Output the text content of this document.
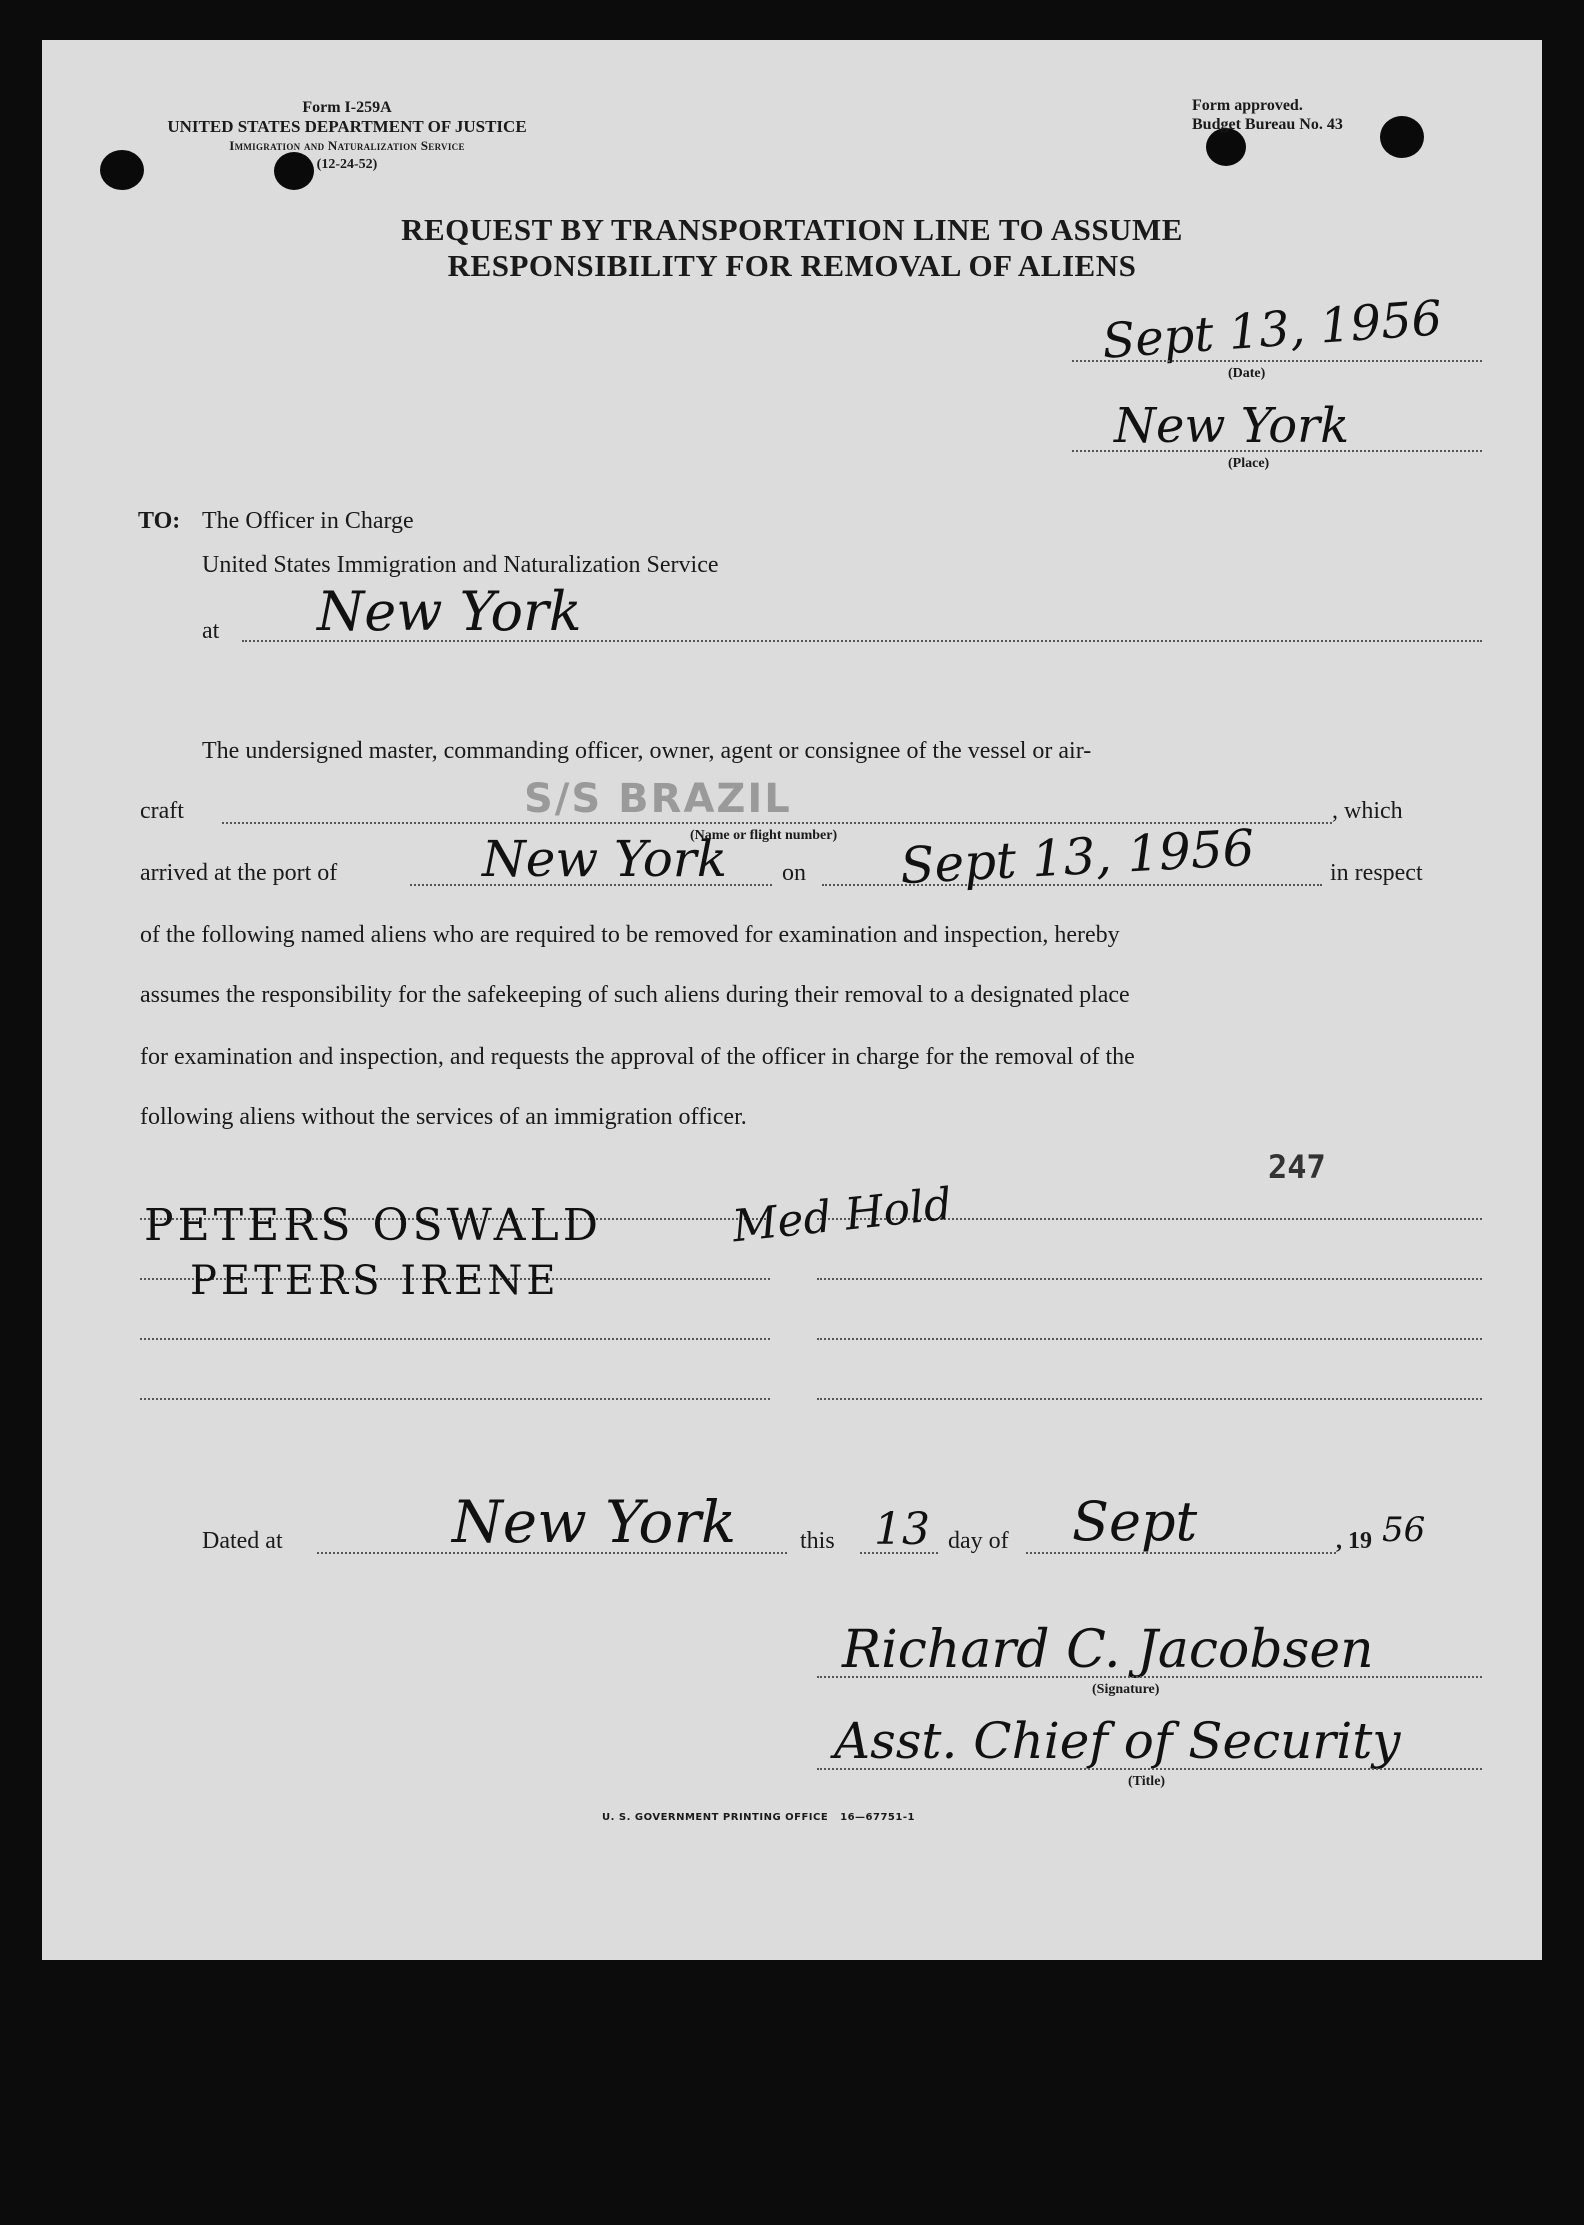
Form I-259A
UNITED STATES DEPARTMENT OF JUSTICE
Immigration and Naturalization Service
(12-24-52)
Form approved.
Budget Bureau No. 43
REQUEST BY TRANSPORTATION LINE TO ASSUME
RESPONSIBILITY FOR REMOVAL OF ALIENS
Sept 13, 1956
(Date)
New York
(Place)
TO: The Officer in Charge
United States Immigration and Naturalization Service
at New York
The undersigned master, commanding officer, owner, agent or consignee of the vessel or air-
craft	S/S BRAZIL
(Name or flight number)
, which
arrived at the port of	New York on Sept 13, 1956	in respect
of the following named aliens who are required to be removed for examination and inspection, hereby
assumes the responsibility for the safekeeping of such aliens during their removal to a designated place
for examination and inspection, and requests the approval of the officer in charge for the removal of the
following aliens without the services of an immigration officer.
247
PETERS OSWALD	Med Hold
PETERS IRENE
Dated at	New York	this 13 day of Sept	, 19 56
Richard C. Jacobsen
(Signature)
Asst. Chief of Security
(Title)
U. S. GOVERNMENT PRINTING OFFICE   16—67751-1
